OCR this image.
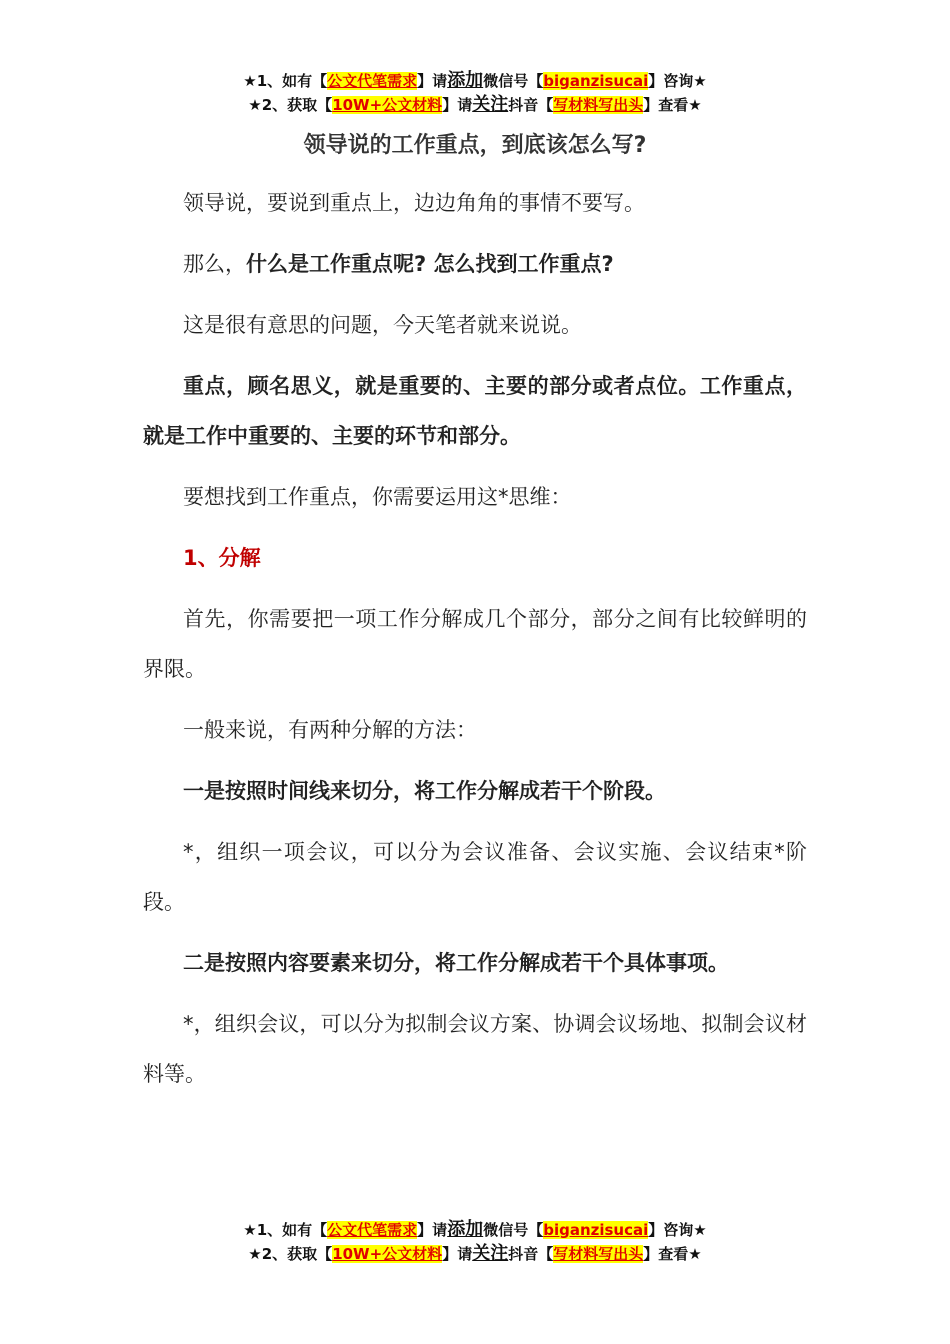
★1、如有【公文代笔需求】请添加微信号【biganzisucai】咨询★
★2、获取【10W+公文材料】请关注抖音【写材料写出头】查看★
领导说的工作重点，到底该怎么写?

领导说，要说到重点上，边边角角的事情不要写。

那么，什么是工作重点呢? 怎么找到工作重点?

这是很有意思的问题，今天笔者就来说说。

重点，顾名思义，就是重要的、主要的部分或者点位。工作重点，就是工作中重要的、主要的环节和部分。

要想找到工作重点，你需要运用这*思维：

1、分解

首先，你需要把一项工作分解成几个部分，部分之间有比较鲜明的界限。

一般来说，有两种分解的方法：

一是按照时间线来切分，将工作分解成若干个阶段。

*，组织一项会议，可以分为会议准备、会议实施、会议结束*阶段。

二是按照内容要素来切分，将工作分解成若干个具体事项。

*，组织会议，可以分为拟制会议方案、协调会议场地、拟制会议材料等。

★1、如有【公文代笔需求】请添加微信号【biganzisucai】咨询★
★2、获取【10W+公文材料】请关注抖音【写材料写出头】查看★
